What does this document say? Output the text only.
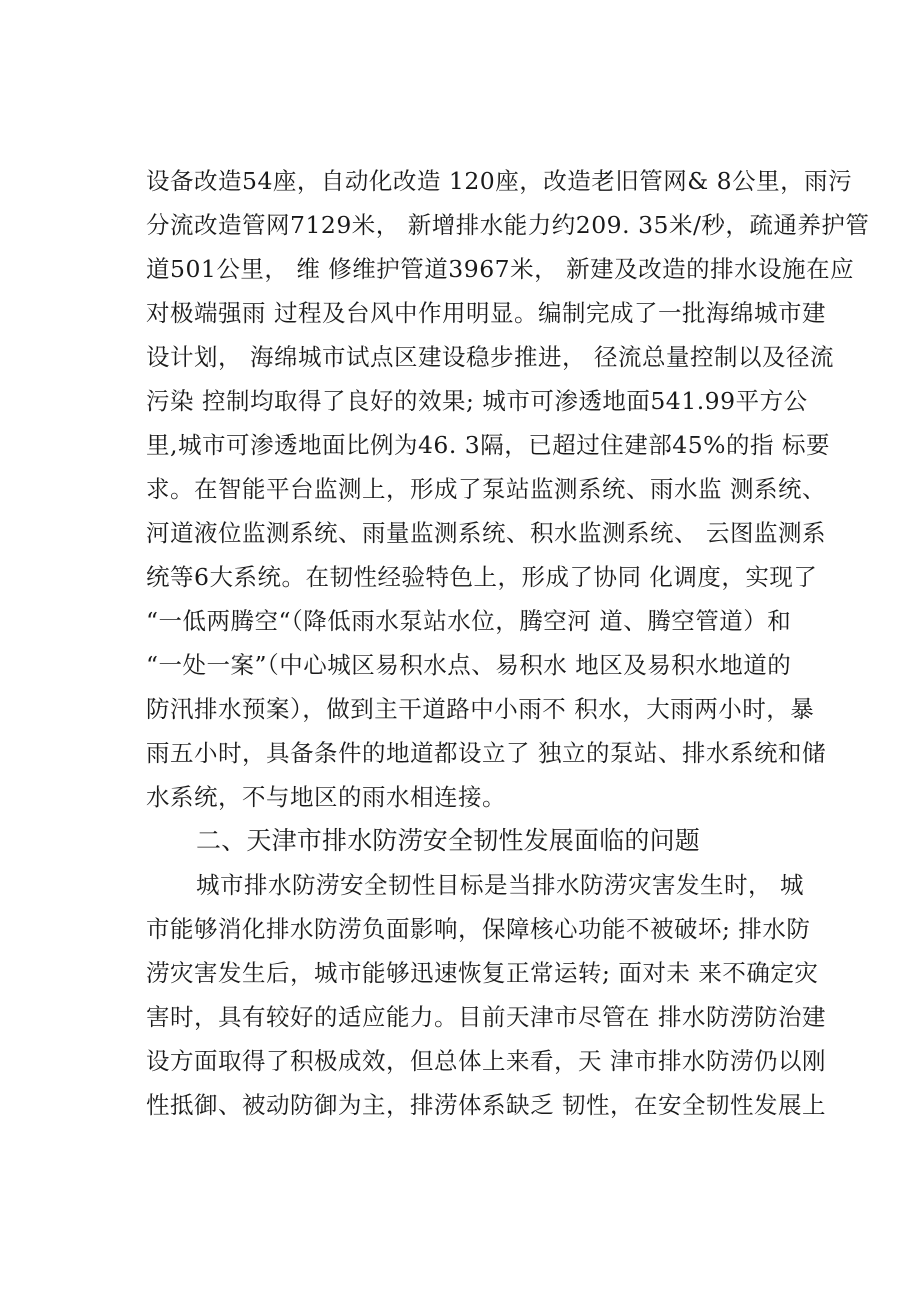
设备改造54座，自动化改造 120座，改造老旧管网& 8公里，雨污
分流改造管网7129米， 新增排水能力约209. 35米/秒，疏通养护管
道501公里， 维 修维护管道3967米， 新建及改造的排水设施在应
对极端强雨 过程及台风中作用明显。编制完成了一批海绵城市建
设计划， 海绵城市试点区建设稳步推进， 径流总量控制以及径流
污染 控制均取得了良好的效果; 城市可渗透地面541.99平方公
里,城市可渗透地面比例为46. 3隔，已超过住建部45%的指 标要
求。在智能平台监测上，形成了泵站监测系统、雨水监 测系统、
河道液位监测系统、雨量监测系统、积水监测系统、 云图监测系
统等6大系统。在韧性经验特色上，形成了协同 化调度，实现了
“一低两腾空“（降低雨水泵站水位，腾空河 道、腾空管道）和
“一处一案”（中心城区易积水点、易积水 地区及易积水地道的
防汛排水预案），做到主干道路中小雨不 积水，大雨两小时，暴
雨五小时，具备条件的地道都设立了 独立的泵站、排水系统和储
水系统，不与地区的雨水相连接。
二、天津市排水防涝安全韧性发展面临的问题
城市排水防涝安全韧性目标是当排水防涝灾害发生时， 城
市能够消化排水防涝负面影响，保障核心功能不被破坏; 排水防
涝灾害发生后，城市能够迅速恢复正常运转; 面对未 来不确定灾
害时，具有较好的适应能力。目前天津市尽管在 排水防涝防治建
设方面取得了积极成效，但总体上来看，天 津市排水防涝仍以刚
性抵御、被动防御为主，排涝体系缺乏 韧性，在安全韧性发展上
